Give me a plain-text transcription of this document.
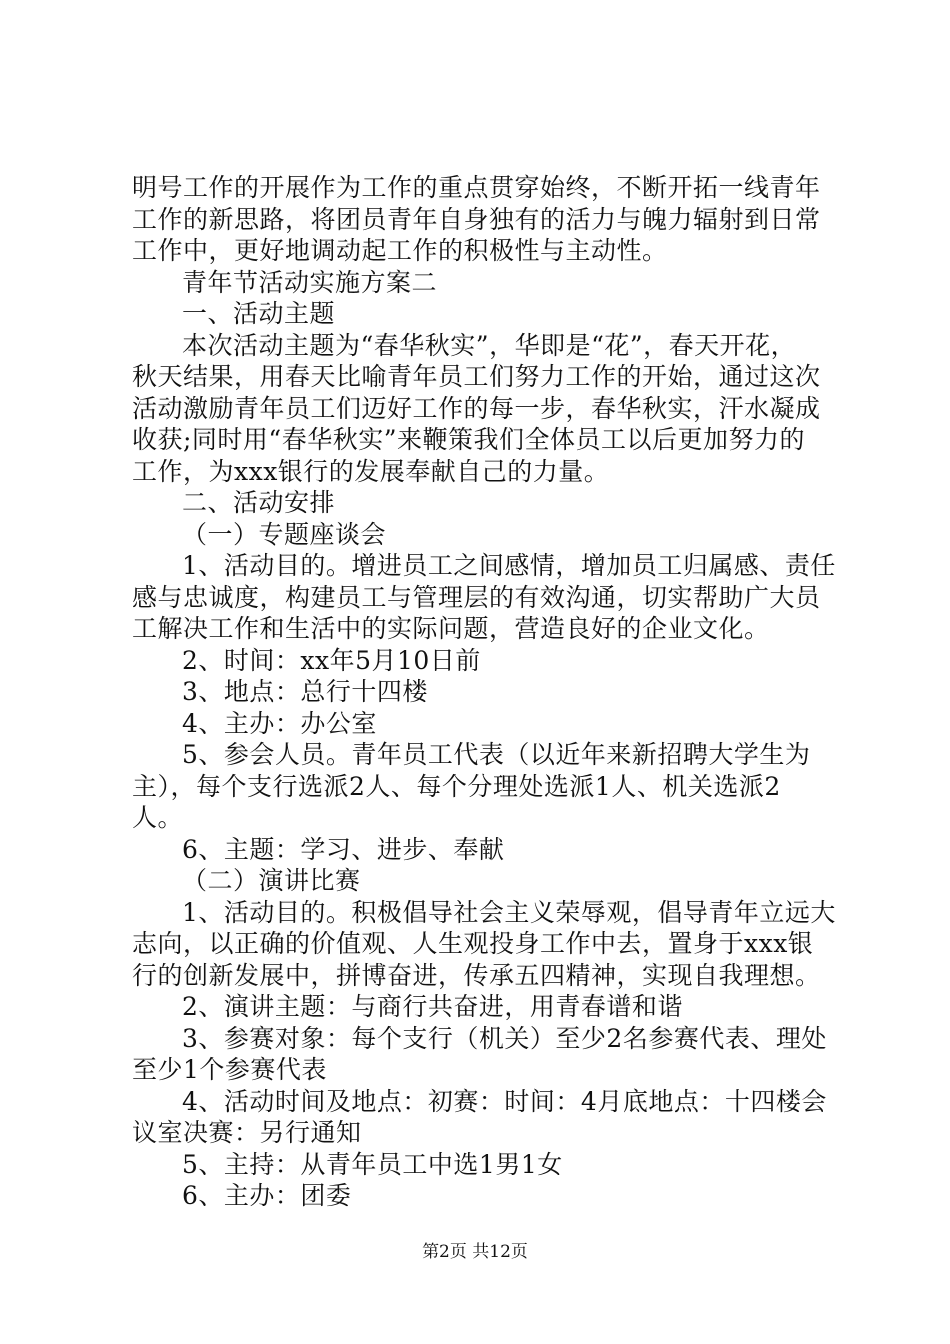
明号工作的开展作为工作的重点贯穿始终，不断开拓一线青年
工作的新思路，将团员青年自身独有的活力与魄力辐射到日常
工作中，更好地调动起工作的积极性与主动性。
青年节活动实施方案二
一、活动主题
本次活动主题为“春华秋实”，华即是“花”，春天开花，
秋天结果，用春天比喻青年员工们努力工作的开始，通过这次
活动激励青年员工们迈好工作的每一步，春华秋实，汗水凝成
收获;同时用“春华秋实”来鞭策我们全体员工以后更加努力的
工作，为xxx银行的发展奉献自己的力量。
二、活动安排
（一）专题座谈会
1、活动目的。增进员工之间感情，增加员工归属感、责任
感与忠诚度，构建员工与管理层的有效沟通，切实帮助广大员
工解决工作和生活中的实际问题，营造良好的企业文化。
2、时间：xx年5月10日前
3、地点：总行十四楼
4、主办：办公室
5、参会人员。青年员工代表（以近年来新招聘大学生为
主），每个支行选派2人、每个分理处选派1人、机关选派2
人。
6、主题：学习、进步、奉献
（二）演讲比赛
1、活动目的。积极倡导社会主义荣辱观，倡导青年立远大
志向，以正确的价值观、人生观投身工作中去，置身于xxx银
行的创新发展中，拼博奋进，传承五四精神，实现自我理想。
2、演讲主题：与商行共奋进，用青春谱和谐
3、参赛对象：每个支行（机关）至少2名参赛代表、理处
至少1个参赛代表
4、活动时间及地点：初赛：时间：4月底地点：十四楼会
议室决赛：另行通知
5、主持：从青年员工中选1男1女
6、主办：团委
第2页 共12页
